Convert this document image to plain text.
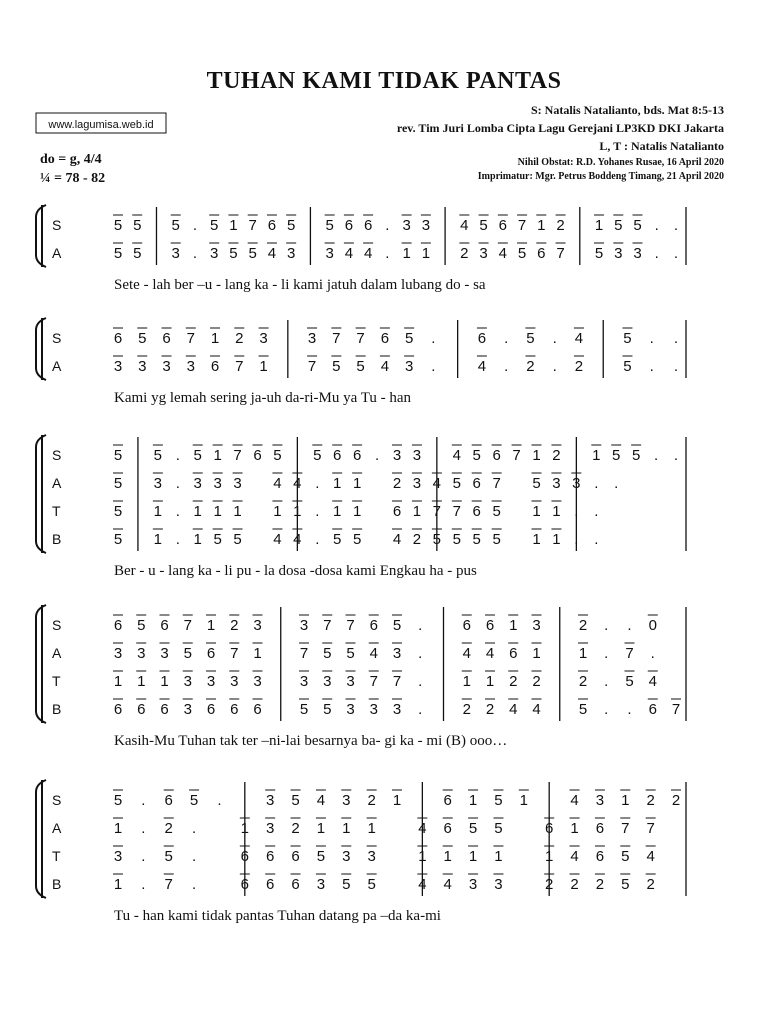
TUHAN KAMI TIDAK PANTAS
www.lagumisa.web.id
do = g, 4/4
¼ = 78 - 82
S: Natalis Natalianto, bds. Mat 8:5-13
rev. Tim Juri Lomba Cipta Lagu Gerejani LP3KD DKI Jakarta
L, T : Natalis Natalianto
Nihil Obstat: R.D. Yohanes Rusae, 16 April 2020
Imprimatur: Mgr. Petrus Boddeng Timang, 21 April 2020
S
A
5 5 5 . 5 1 7 6 5 5 6 6 . 3 3 4 5 6 7 1 2 1 5 5 . .
5 5 3 . 3 5 5 4 3 3 4 4 . 1 1 2 3 4 5 6 7 5 3 3 . .
Sete - lah ber –u - lang ka - li kami jatuh dalam lubang do - sa
S
A
6 5 6 7 1 2 3	3 7 7 6 5 .	6 . 5 . 4	5 . .
3 3 3 3 6 7 1	7 5 5 4 3 .	4 . 2 . 2	5 . .
Kami yg lemah sering ja-uh da-ri-Mu ya Tu - han
S
A
T
B
5 5 . 5 1 7 6 5 5 6 6 . 3 3 4 5 6 7 1 2 1 5 5 . .
5 3 . 3 3 3 4 4 . 1 1 2 3 4 5 6 7 5 3 3 . .
5 1 . 1 1 1 1 1 . 1 1 6 1 7 7 6 5 1 1 . .
5 1 . 1 5 5 4 4 . 5 5 4 2 5 5 5 5 1 1 . .
Ber - u - lang ka - li pu - la dosa -dosa kami Engkau ha - pus
S
A
T
B
6 5 6 7 1 2 3	3 7 7 6 5 .	6 6 1 3	2 . . 0
3 3 3 5 6 7 1	7 5 5 4 3 .	4 4 6 1	1 . 7 .
1 1 1 3 3 3 3	3 3 3 7 7 .	1 1 2 2	2 . 5 4
6 6 6 3 6 6 6	5 5 3 3 3 .	2 2 4 4	5 . . 6 7
Kasih-Mu Tuhan tak ter –ni-lai besarnya ba- gi ka - mi (B) ooo…
S
A
T
B
5 . 6 5 .	3 5 4 3 2 1	6 1 5 1	4 3 1 2 2
1 . 2 .	1 3 2 1 1 1	4 6 5 5	6 1 6 7 7
3 . 5 .	6 6 6 5 3 3	1 1 1 1	1 4 6 5 4
1 . 7 .	6 6 6 3 5 5	4 4 3 3	2 2 2 5 2
Tu - han kami tidak pantas Tuhan datang pa –da ka-mi
